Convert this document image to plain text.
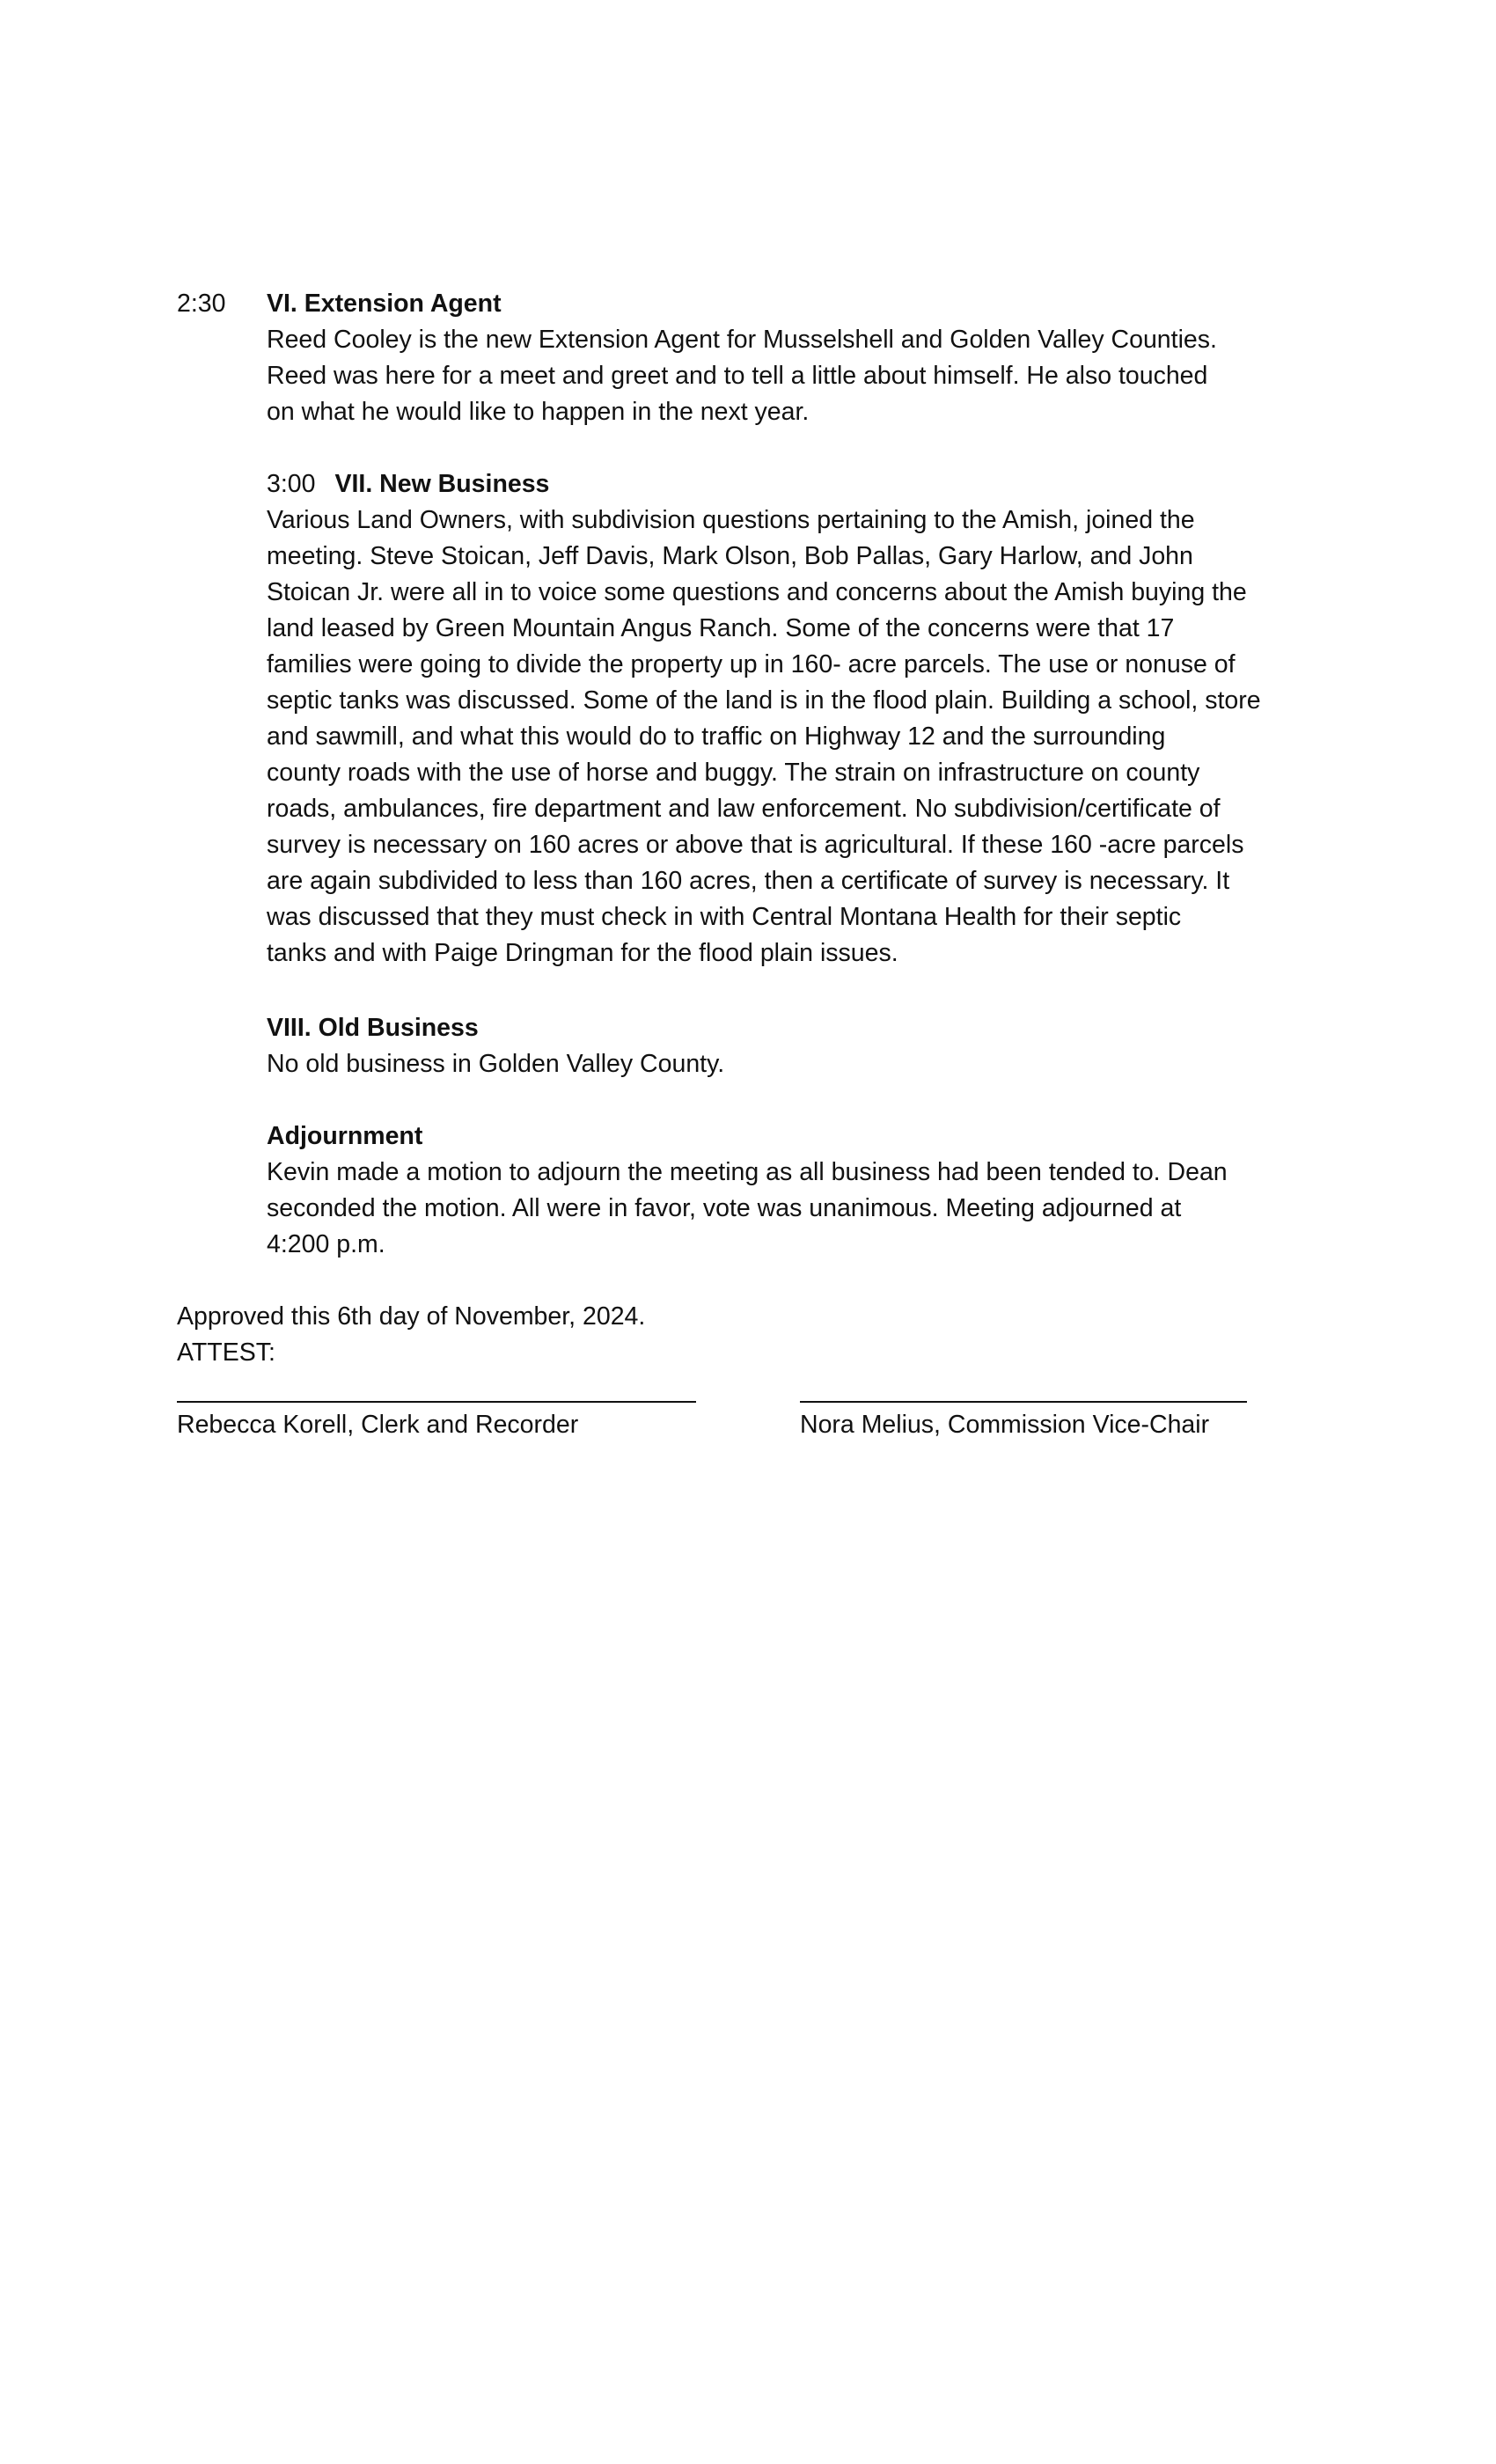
2:30 VI. Extension Agent
Reed Cooley is the new Extension Agent for Musselshell and Golden Valley Counties.
Reed was here for a meet and greet and to tell a little about himself. He also touched
on what he would like to happen in the next year.
3:00 VII. New Business
Various Land Owners, with subdivision questions pertaining to the Amish, joined the
meeting. Steve Stoican, Jeff Davis, Mark Olson, Bob Pallas, Gary Harlow, and John
Stoican Jr. were all in to voice some questions and concerns about the Amish buying the
land leased by Green Mountain Angus Ranch. Some of the concerns were that 17
families were going to divide the property up in 160- acre parcels. The use or nonuse of
septic tanks was discussed. Some of the land is in the flood plain. Building a school, store
and sawmill, and what this would do to traffic on Highway 12 and the surrounding
county roads with the use of horse and buggy. The strain on infrastructure on county
roads, ambulances, fire department and law enforcement. No subdivision/certificate of
survey is necessary on 160 acres or above that is agricultural. If these 160 -acre parcels
are again subdivided to less than 160 acres, then a certificate of survey is necessary. It
was discussed that they must check in with Central Montana Health for their septic
tanks and with Paige Dringman for the flood plain issues.
VIII. Old Business
No old business in Golden Valley County.
Adjournment
Kevin made a motion to adjourn the meeting as all business had been tended to. Dean
seconded the motion. All were in favor, vote was unanimous. Meeting adjourned at
4:200 p.m.
Approved this 6th day of November, 2024.
ATTEST:
Rebecca Korell, Clerk and Recorder	Nora Melius, Commission Vice-Chair
